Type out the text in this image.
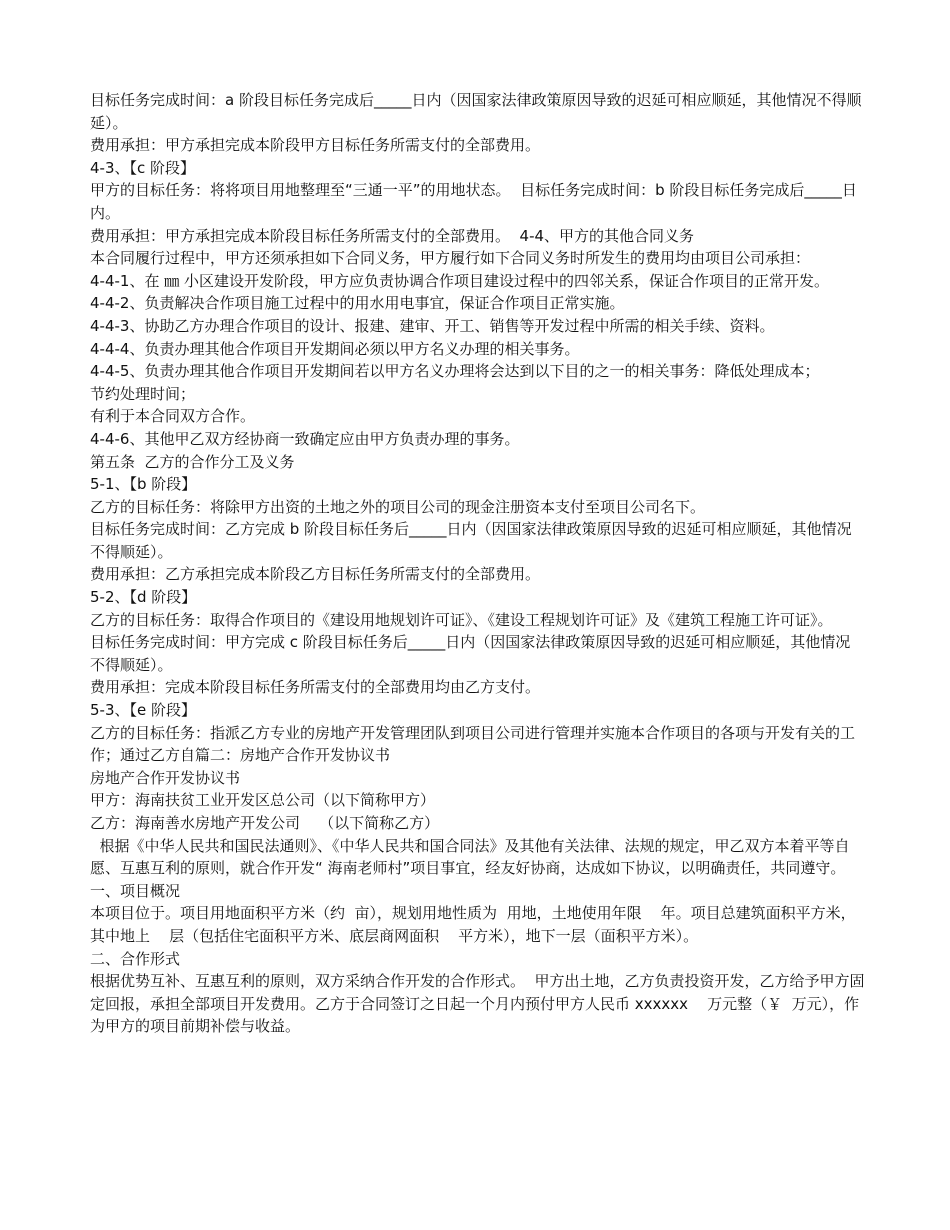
目标任务完成时间：a 阶段目标任务完成后_____日内（因国家法律政策原因导致的迟延可相应顺延，其他情况不得顺延）。

费用承担：甲方承担完成本阶段甲方目标任务所需支付的全部费用。

4-3、【c 阶段】

甲方的目标任务：将将项目用地整理至“三通一平”的用地状态。  目标任务完成时间：b 阶段目标任务完成后_____日内。

费用承担：甲方承担完成本阶段目标任务所需支付的全部费用。  4-4、甲方的其他合同义务

本合同履行过程中，甲方还须承担如下合同义务，甲方履行如下合同义务时所发生的费用均由项目公司承担：

4-4-1、在 ㎜ 小区建设开发阶段，甲方应负责协调合作项目建设过程中的四邻关系，保证合作项目的正常开发。

4-4-2、负责解决合作项目施工过程中的用水用电事宜，保证合作项目正常实施。

4-4-3、协助乙方办理合作项目的设计、报建、建审、开工、销售等开发过程中所需的相关手续、资料。

4-4-4、负责办理其他合作项目开发期间必须以甲方名义办理的相关事务。

4-4-5、负责办理其他合作项目开发期间若以甲方名义办理将会达到以下目的之一的相关事务：降低处理成本；

节约处理时间；

有利于本合同双方合作。

4-4-6、其他甲乙双方经协商一致确定应由甲方负责办理的事务。

第五条  乙方的合作分工及义务

5-1、【b 阶段】

乙方的目标任务：将除甲方出资的土地之外的项目公司的现金注册资本支付至项目公司名下。

目标任务完成时间：乙方完成 b 阶段目标任务后_____日内（因国家法律政策原因导致的迟延可相应顺延，其他情况不得顺延）。

费用承担：乙方承担完成本阶段乙方目标任务所需支付的全部费用。

5-2、【d 阶段】

乙方的目标任务：取得合作项目的《建设用地规划许可证》、《建设工程规划许可证》及《建筑工程施工许可证》。

目标任务完成时间：甲方完成 c 阶段目标任务后_____日内（因国家法律政策原因导致的迟延可相应顺延，其他情况不得顺延）。

费用承担：完成本阶段目标任务所需支付的全部费用均由乙方支付。

5-3、【e 阶段】

乙方的目标任务：指派乙方专业的房地产开发管理团队到项目公司进行管理并实施本合作项目的各项与开发有关的工作；通过乙方自篇二：房地产合作开发协议书

房地产合作开发协议书

甲方：海南扶贫工业开发区总公司（以下简称甲方）

乙方：海南善水房地产开发公司    （以下简称乙方）

根据《中华人民共和国民法通则》、《中华人民共和国合同法》及其他有关法律、法规的规定，甲乙双方本着平等自愿、互惠互利的原则，就合作开发“ 海南老师村”项目事宜，经友好协商，达成如下协议，以明确责任，共同遵守。

一、项目概况

本项目位于。项目用地面积平方米（约  亩），规划用地性质为  用地，土地使用年限    年。项目总建筑面积平方米，其中地上    层（包括住宅面积平方米、底层商网面积    平方米），地下一层（面积平方米）。

二、合作形式

根据优势互补、互惠互利的原则，双方采纳合作开发的合作形式。  甲方出土地，乙方负责投资开发，乙方给予甲方固定回报，承担全部项目开发费用。乙方于合同签订之日起一个月内预付甲方人民币 xxxxxx    万元整（￥  万元），作为甲方的项目前期补偿与收益。
